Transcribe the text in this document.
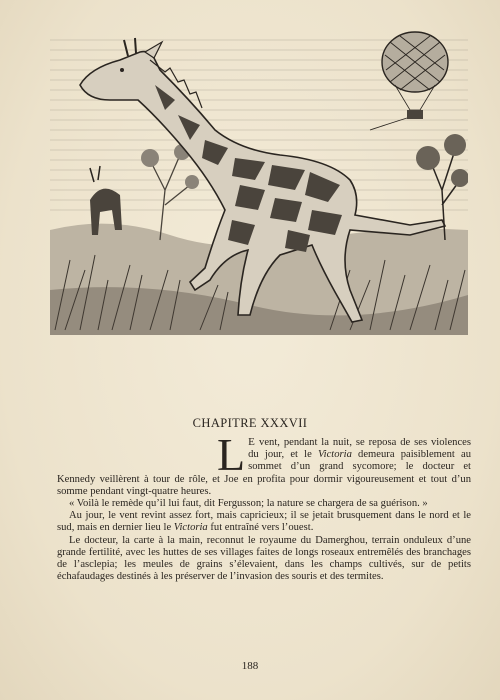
CHAPITRE XXXVII

L E vent, pendant la nuit, se reposa de ses violences du jour, et le Victoria demeura paisiblement au sommet d’un grand sycomore; le docteur et Kennedy veillèrent à tour de rôle, et Joe en profita pour dormir vigoureusement et tout d’un somme pendant vingt-quatre heures.

« Voilà le remède qu’il lui faut, dit Fergusson; la nature se chargera de sa guérison. »

Au jour, le vent revint assez fort, mais capricieux; il se jetait brusquement dans le nord et le sud, mais en dernier lieu le Victoria fut entraîné vers l’ouest.

Le docteur, la carte à la main, reconnut le royaume du Damerghou, terrain onduleux d’une grande fertilité, avec les huttes de ses villages faites de longs roseaux entremêlés des branchages de l’asclepia; les meules de grains s’élevaient, dans les champs cultivés, sur de petits échafaudages destinés à les préserver de l’invasion des souris et des termites.

188
